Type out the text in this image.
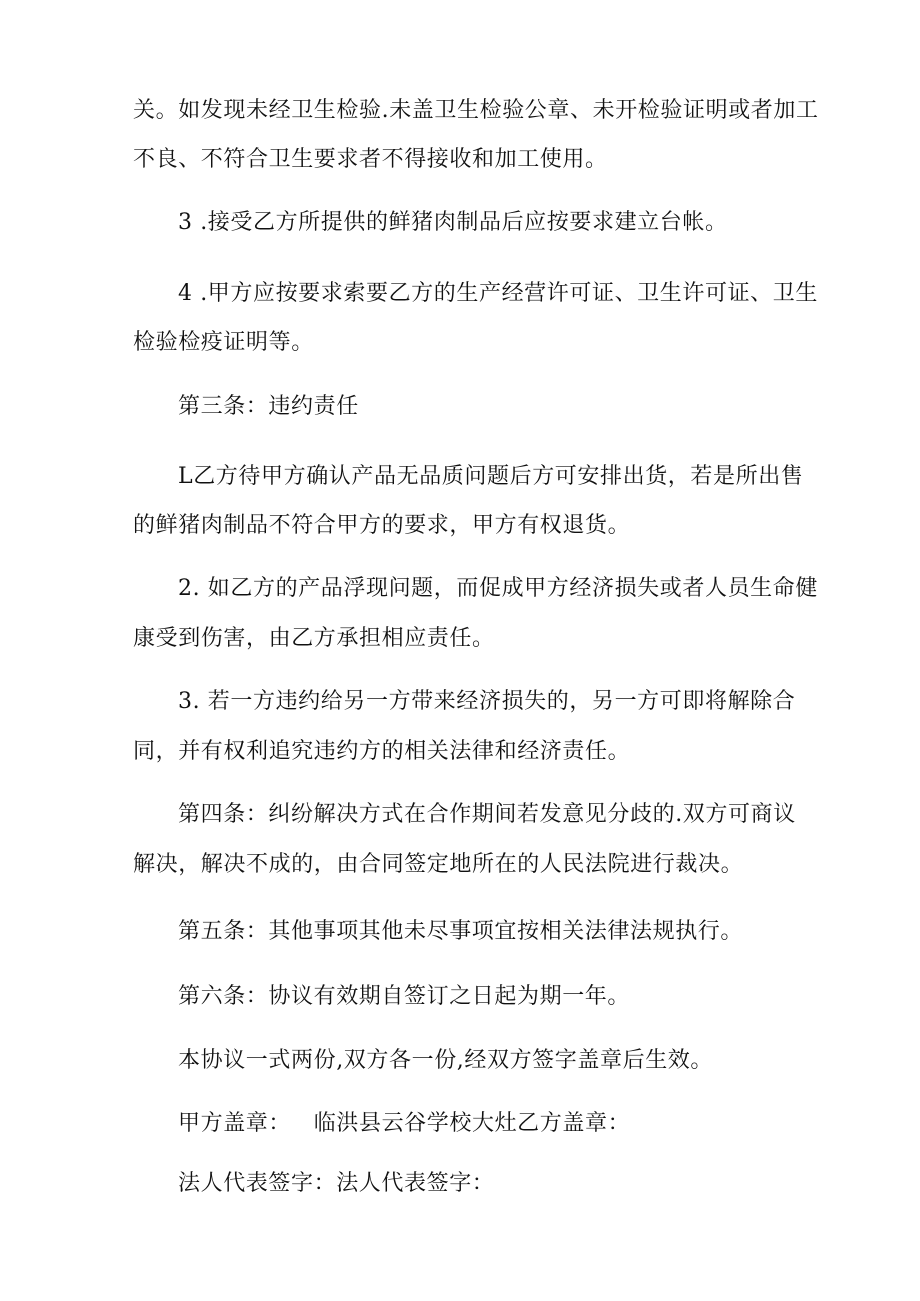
关。如发现未经卫生检验.未盖卫生检验公章、未开检验证明或者加工
不良、不符合卫生要求者不得接收和加工使用。
3 .接受乙方所提供的鲜猪肉制品后应按要求建立台帐。
4 .甲方应按要求索要乙方的生产经营许可证、卫生许可证、卫生
检验检疫证明等。
第三条：违约责任
L乙方待甲方确认产品无品质问题后方可安排出货，若是所出售
的鲜猪肉制品不符合甲方的要求，甲方有权退货。
2. 如乙方的产品浮现问题，而促成甲方经济损失或者人员生命健
康受到伤害，由乙方承担相应责任。
3. 若一方违约给另一方带来经济损失的，另一方可即将解除合
同，并有权利追究违约方的相关法律和经济责任。
第四条：纠纷解决方式在合作期间若发意见分歧的.双方可商议
解决，解决不成的，由合同签定地所在的人民法院进行裁决。
第五条：其他事项其他未尽事项宜按相关法律法规执行。
第六条：协议有效期自签订之日起为期一年。
本协议一式两份,双方各一份,经双方签字盖章后生效。
甲方盖章：   临洪县云谷学校大灶乙方盖章：
法人代表签字：法人代表签字：
